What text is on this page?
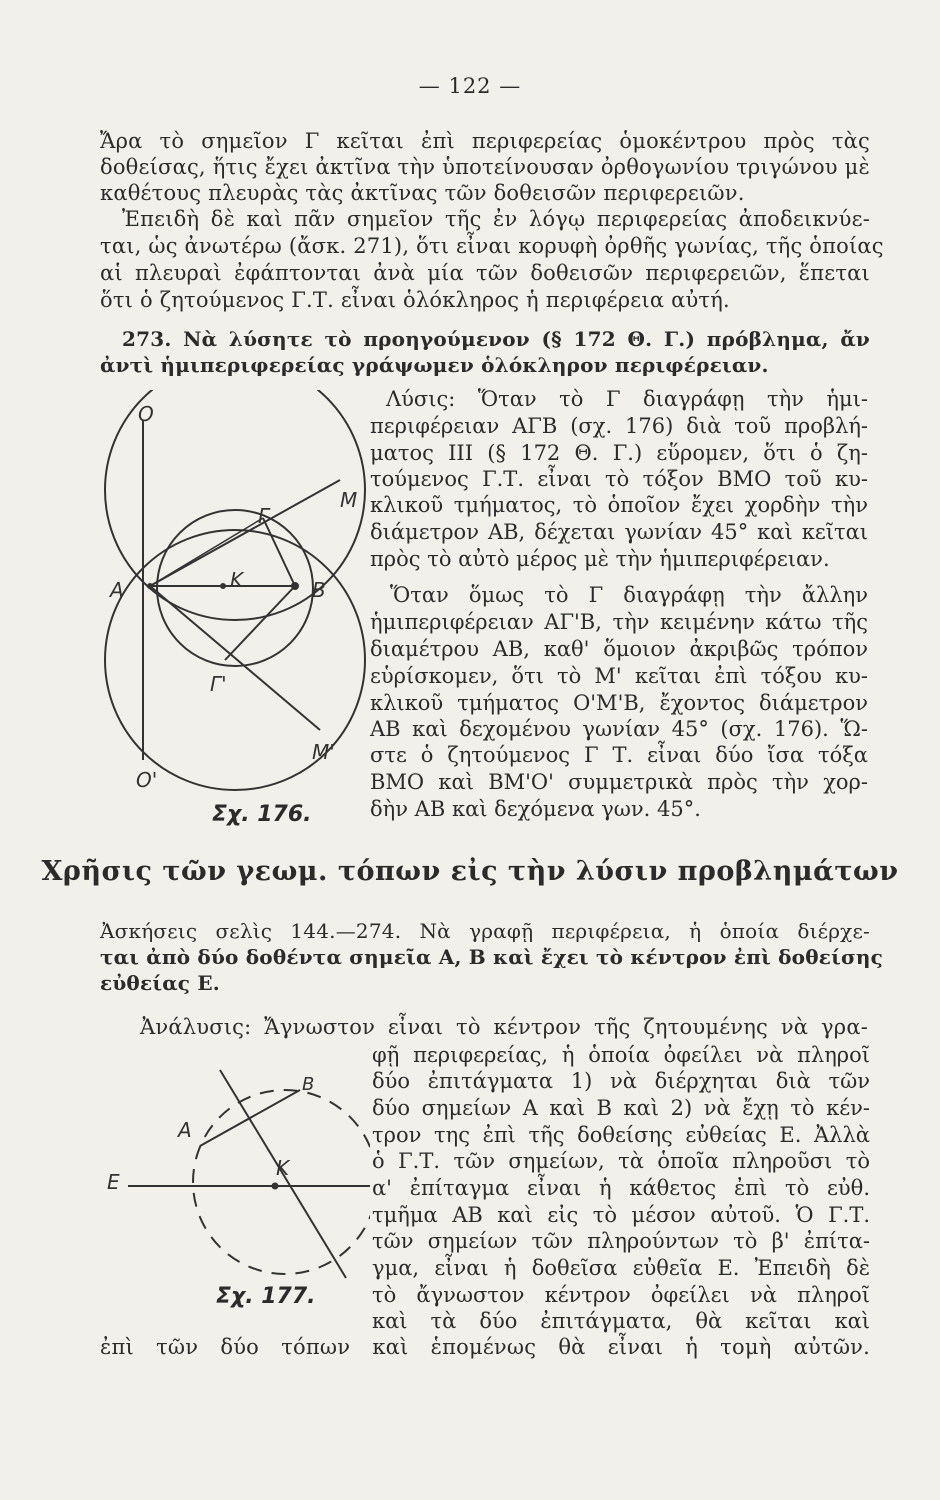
— 122 —
Ἄρα τὸ σημεῖον Γ κεῖται ἐπὶ περιφερείας ὁμοκέντρου πρὸς τὰς
δοθείσας, ἥτις ἔχει ἀκτῖνα τὴν ὑποτείνουσαν ὀρθογωνίου τριγώνου μὲ
καθέτους πλευρὰς τὰς ἀκτῖνας τῶν δοθεισῶν περιφερειῶν.
Ἐπειδὴ δὲ καὶ πᾶν σημεῖον τῆς ἐν λόγῳ περιφερείας ἀποδεικνύε-
ται, ὡς ἀνωτέρω (ἄσκ. 271), ὅτι εἶναι κορυφὴ ὀρθῆς γωνίας, τῆς ὁποίας
αἱ πλευραὶ ἐφάπτονται ἀνὰ μία τῶν δοθεισῶν περιφερειῶν, ἕπεται
ὅτι ὁ ζητούμενος Γ.Τ. εἶναι ὁλόκληρος ἡ περιφέρεια αὐτή.
273. Νὰ λύσητε τὸ προηγούμενον (§ 172 Θ. Γ.) πρόβλημα, ἄν
ἀντὶ ἡμιπεριφερείας γράψωμεν ὁλόκληρον περιφέρειαν.
Λύσις: Ὅταν τὸ Γ διαγράφῃ τὴν ἡμι-
περιφέρειαν ΑΓΒ (σχ. 176) διὰ τοῦ προβλή-
ματος III (§ 172 Θ. Γ.) εὕρομεν, ὅτι ὁ ζη-
τούμενος Γ.Τ. εἶναι τὸ τόξον ΒΜΟ τοῦ κυ-
κλικοῦ τμήματος, τὸ ὁποῖον ἔχει χορδὴν τὴν
διάμετρον ΑΒ, δέχεται γωνίαν 45° καὶ κεῖται
πρὸς τὸ αὐτὸ μέρος μὲ τὴν ἡμιπεριφέρειαν.
Ὅταν ὅμως τὸ Γ διαγράφῃ τὴν ἄλλην
ἡμιπεριφέρειαν ΑΓ'Β, τὴν κειμένην κάτω τῆς
διαμέτρου ΑΒ, καθ' ὅμοιον ἀκριβῶς τρόπον
εὑρίσκομεν, ὅτι τὸ Μ' κεῖται ἐπὶ τόξου κυ-
κλικοῦ τμήματος Ο'Μ'Β, ἔχοντος διάμετρον
ΑΒ καὶ δεχομένου γωνίαν 45° (σχ. 176). Ὥ-
στε ὁ ζητούμενος Γ Τ. εἶναι δύο ἴσα τόξα
ΒΜΟ καὶ ΒΜ'Ο' συμμετρικὰ πρὸς τὴν χορ-
δὴν ΑΒ καὶ δεχόμενα γων. 45°.
O
M
Γ
A	K	B
Γ'
M'
O'
Σχ. 176.
Χρῆσις τῶν γεωμ. τόπων εἰς τὴν λύσιν προβλημάτων
Ἀσκήσεις σελὶς 144.—274. Νὰ γραφῇ περιφέρεια, ἡ ὁποία διέρχε-
ται ἀπὸ δύο δοθέντα σημεῖα Α, Β καὶ ἔχει τὸ κέντρον ἐπὶ δοθείσης
εὐθείας Ε.
Ἀνάλυσις: Ἄγνωστον εἶναι τὸ κέντρον τῆς ζητουμένης νὰ γρα-
φῇ περιφερείας, ἡ ὁποία ὀφείλει νὰ πληροῖ
δύο ἐπιτάγματα 1) νὰ διέρχηται διὰ τῶν
δύο σημείων Α καὶ Β καὶ 2) νὰ ἔχῃ τὸ κέν-
τρον της ἐπὶ τῆς δοθείσης εὐθείας Ε. Ἀλλὰ
ὁ Γ.Τ. τῶν σημείων, τὰ ὁποῖα πληροῦσι τὸ
α' ἐπίταγμα εἶναι ἡ κάθετος ἐπὶ τὸ εὐθ.
τμῆμα ΑΒ καὶ εἰς τὸ μέσον αὐτοῦ. Ὁ Γ.Τ.
τῶν σημείων τῶν πληρούντων τὸ β' ἐπίτα-
γμα, εἶναι ἡ δοθεῖσα εὐθεῖα Ε. Ἐπειδὴ δὲ
τὸ ἄγνωστον κέντρον ὀφείλει νὰ πληροῖ
καὶ τὰ δύο ἐπιτάγματα, θὰ κεῖται καὶ
ἐπὶ τῶν δύο τόπων καὶ ἑπομένως θὰ εἶναι ἡ τομὴ αὐτῶν.
B
A
K
E
Σχ. 177.
